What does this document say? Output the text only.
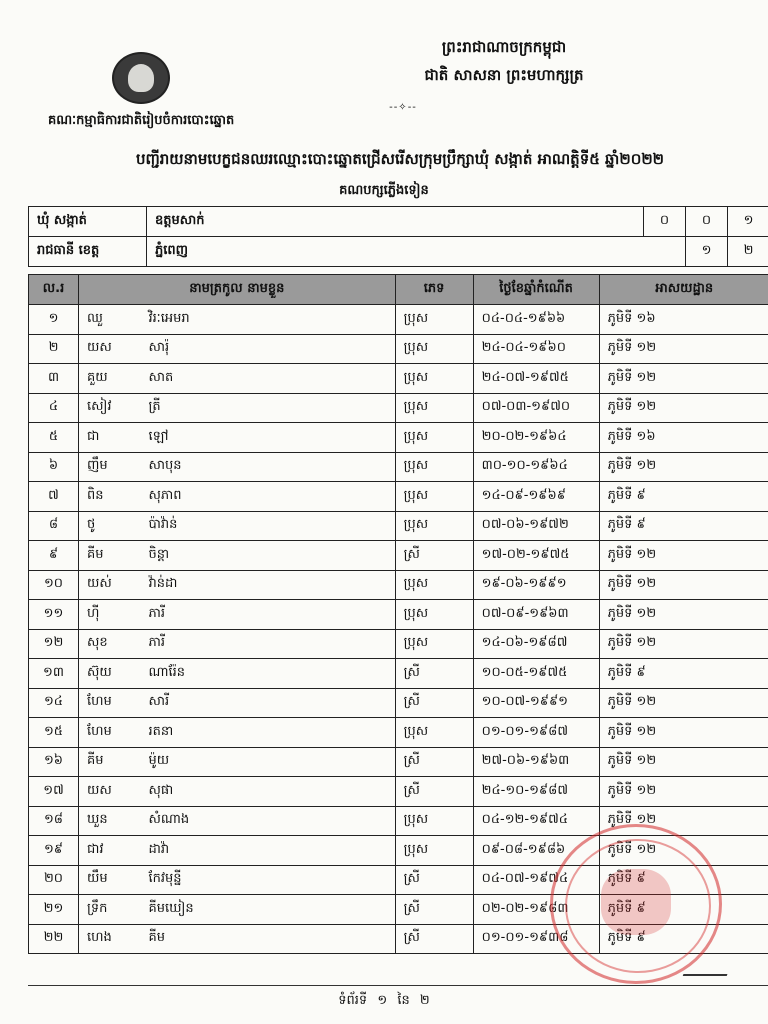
ព្រះរាជាណាចក្រកម្ពុជា
ជាតិ សាសនា ព្រះមហាក្សត្រ
--✧--
គណៈកម្មាធិការជាតិរៀបចំការបោះឆ្នោត
បញ្ជីរាយនាមបេក្ខជនឈរឈ្មោះបោះឆ្នោតជ្រើសរើសក្រុមប្រឹក្សាឃុំ សង្កាត់ អាណត្តិទី៥ ឆ្នាំ២០២២
គណបក្សភ្លើងទៀន
ឃុំ សង្កាត់	ឧត្ដមសាក់	០	០	១
រាជធានី ខេត្ត	ភ្នំពេញ		១	២
ល.រ	នាមត្រកូល នាមខ្លួន		ភេទ	ថ្ងៃខែឆ្នាំកំណើត	អាសយដ្ឋាន
១	ឈួ	វិរៈអេមរា	ប្រុស	០៤-០៤-១៩៦៦	ភូមិទី ១៦
២	យស	សារ៉ុ	ប្រុស	២៤-០៤-១៩៦០	ភូមិទី ១២
៣	គួយ	សាត	ប្រុស	២៤-០៧-១៩៧៥	ភូមិទី ១២
៤	សៀវ	ត្រី	ប្រុស	០៧-០៣-១៩៧០	ភូមិទី ១២
៥	ជា	ឡៅ	ប្រុស	២០-០២-១៩៦៤	ភូមិទី ១៦
៦	ញឹម	សាបុន	ប្រុស	៣០-១០-១៩៦៤	ភូមិទី ១២
៧	ពិន	សុភាព	ប្រុស	១៤-០៩-១៩៦៩	ភូមិទី ៩
៨	ថូ	ប៉ាវ៉ាន់	ប្រុស	០៧-០៦-១៩៧២	ភូមិទី ៩
៩	គីម	ចិន្ដា	ស្រី	១៧-០២-១៩៧៥	ភូមិទី ១២
១០	យស់	វ៉ាន់ដា	ប្រុស	១៩-០៦-១៩៩១	ភូមិទី ១២
១១	ហ៊ី	ភារី	ប្រុស	០៧-០៩-១៩៦៣	ភូមិទី ១២
១២	សុខ	ភារី	ប្រុស	១៤-០៦-១៩៨៧	ភូមិទី ១២
១៣	ស៊ុយ	ណារ៉ែន	ស្រី	១០-០៥-១៩៧៥	ភូមិទី ៩
១៤	ហែម	សារី	ស្រី	១០-០៧-១៩៩១	ភូមិទី ១២
១៥	ហែម	រតនា	ប្រុស	០១-០១-១៩៨៧	ភូមិទី ១២
១៦	គីម	ម៉ូយ	ស្រី	២៧-០៦-១៩៦៣	ភូមិទី ១២
១៧	យស	សុផា	ស្រី	២៤-១០-១៩៨៧	ភូមិទី ១២
១៨	ឃួន	សំណាង	ប្រុស	០៤-១២-១៩៧៤	ភូមិទី ១២
១៩	ជាវ	ដាវ៉ា	ប្រុស	០៩-០៨-១៩៨៦	ភូមិទី ១២
២០	យឹម	កែវមុន្នី	ស្រី	០៤-០៧-១៩៧៤	ភូមិទី ៩
២១	ទ្រឹក	គីមឃៀន	ស្រី	០២-០២-១៩៨៣	ភូមិទី ៩
២២	ហេង	គីម	ស្រី	០១-០១-១៩៣៨	ភូមិទី ៩
ទំព័រទី ១ នៃ ២
